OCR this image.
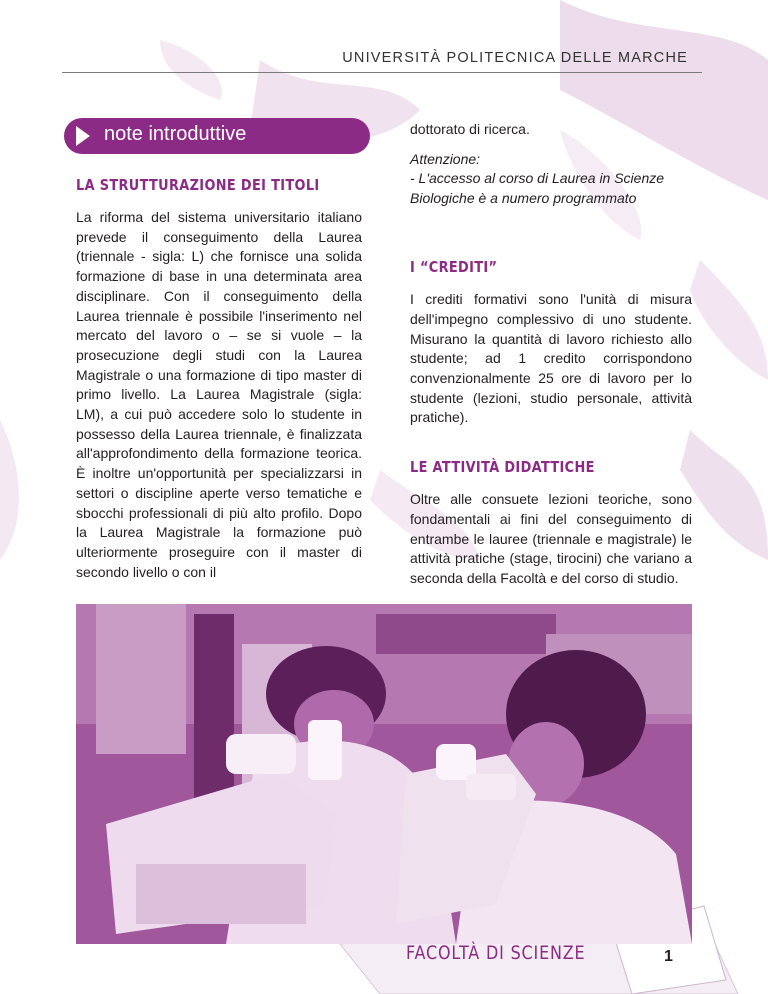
UNIVERSITÀ POLITECNICA DELLE MARCHE
note introduttive
LA STRUTTURAZIONE DEI TITOLI

La riforma del sistema universitario italiano prevede il conseguimento della Laurea (triennale - sigla: L) che fornisce una solida formazione di base in una determinata area disciplinare. Con il conseguimento della Laurea triennale è possibile l'inserimento nel mercato del lavoro o – se si vuole – la prosecuzione degli studi con la Laurea Magistrale o una formazione di tipo master di primo livello. La Laurea Magistrale (sigla: LM), a cui può accedere solo lo studente in possesso della Laurea triennale, è finalizzata all'approfondimento della formazione teorica. È inoltre un'opportunità per specializzarsi in settori o discipline aperte verso tematiche e sbocchi professionali di più alto profilo. Dopo la Laurea Magistrale la formazione può ulteriormente proseguire con il master di secondo livello o con il

dottorato di ricerca.

Attenzione:

- L'accesso al corso di Laurea in Scienze Biologiche è a numero programmato

I “CREDITI”

I crediti formativi sono l'unità di misura dell'impegno complessivo di uno studente. Misurano la quantità di lavoro richiesto allo studente; ad 1 credito corrispondono convenzionalmente 25 ore di lavoro per lo studente (lezioni, studio personale, attività pratiche).

LE ATTIVITÀ DIDATTICHE

Oltre alle consuete lezioni teoriche, sono fondamentali ai fini del conseguimento di entrambe le lauree (triennale e magistrale) le attività pratiche (stage, tirocini) che variano a seconda della Facoltà e del corso di studio.

FACOLTÀ DI SCIENZE	1
